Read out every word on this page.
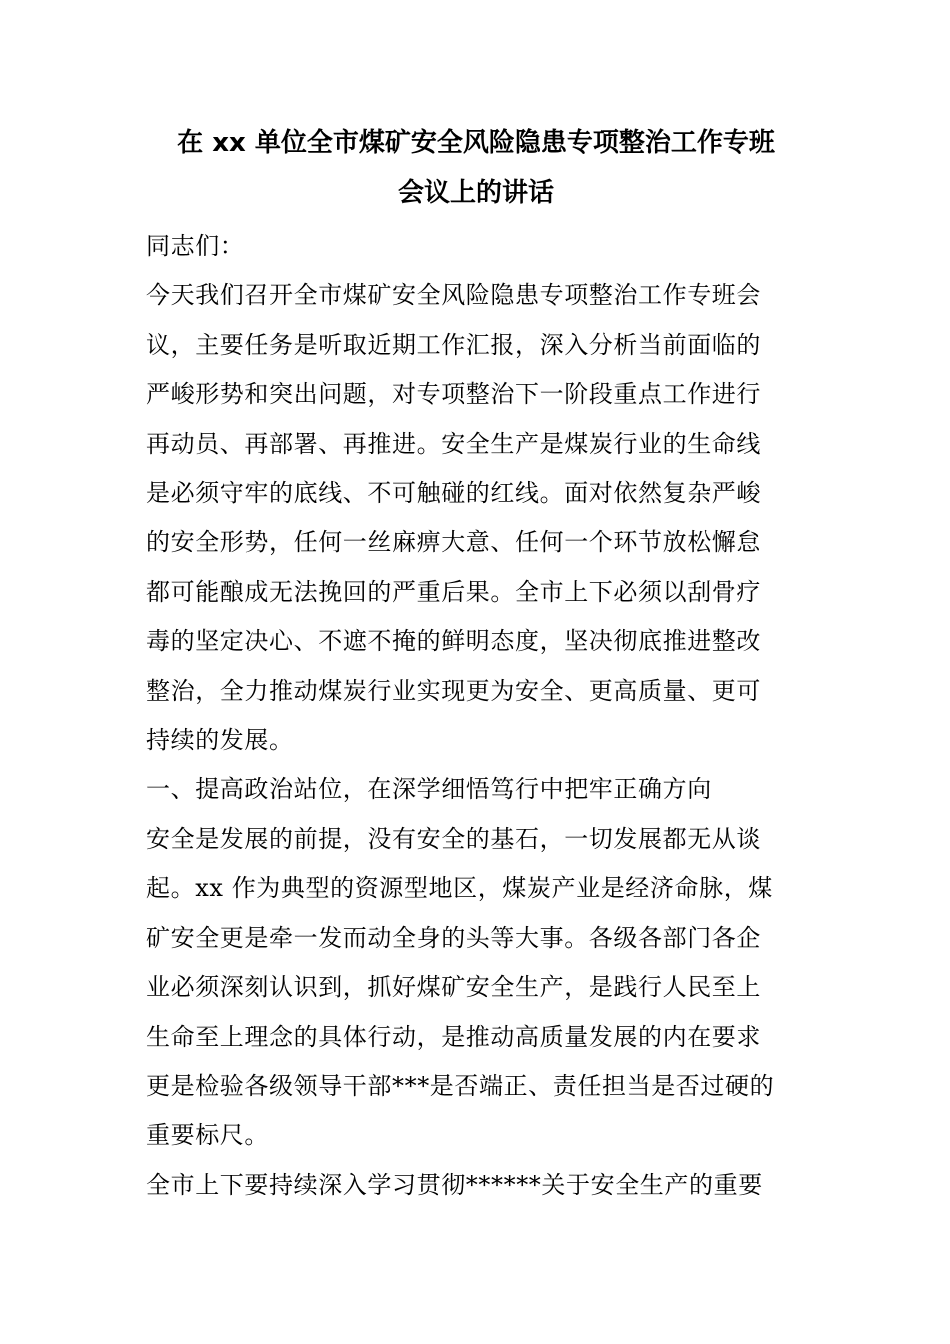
在 xx 单位全市煤矿安全风险隐患专项整治工作专班
会议上的讲话

同志们：

今天我们召开全市煤矿安全风险隐患专项整治工作专班会
议，主要任务是听取近期工作汇报，深入分析当前面临的
严峻形势和突出问题，对专项整治下一阶段重点工作进行
再动员、再部署、再推进。安全生产是煤炭行业的生命线
是必须守牢的底线、不可触碰的红线。面对依然复杂严峻
的安全形势，任何一丝麻痹大意、任何一个环节放松懈怠
都可能酿成无法挽回的严重后果。全市上下必须以刮骨疗
毒的坚定决心、不遮不掩的鲜明态度，坚决彻底推进整改
整治，全力推动煤炭行业实现更为安全、更高质量、更可
持续的发展。
一、提高政治站位，在深学细悟笃行中把牢正确方向
安全是发展的前提，没有安全的基石，一切发展都无从谈
起。xx 作为典型的资源型地区，煤炭产业是经济命脉，煤
矿安全更是牵一发而动全身的头等大事。各级各部门各企
业必须深刻认识到，抓好煤矿安全生产，是践行人民至上
生命至上理念的具体行动，是推动高质量发展的内在要求
更是检验各级领导干部***是否端正、责任担当是否过硬的
重要标尺。
全市上下要持续深入学习贯彻******关于安全生产的重要
